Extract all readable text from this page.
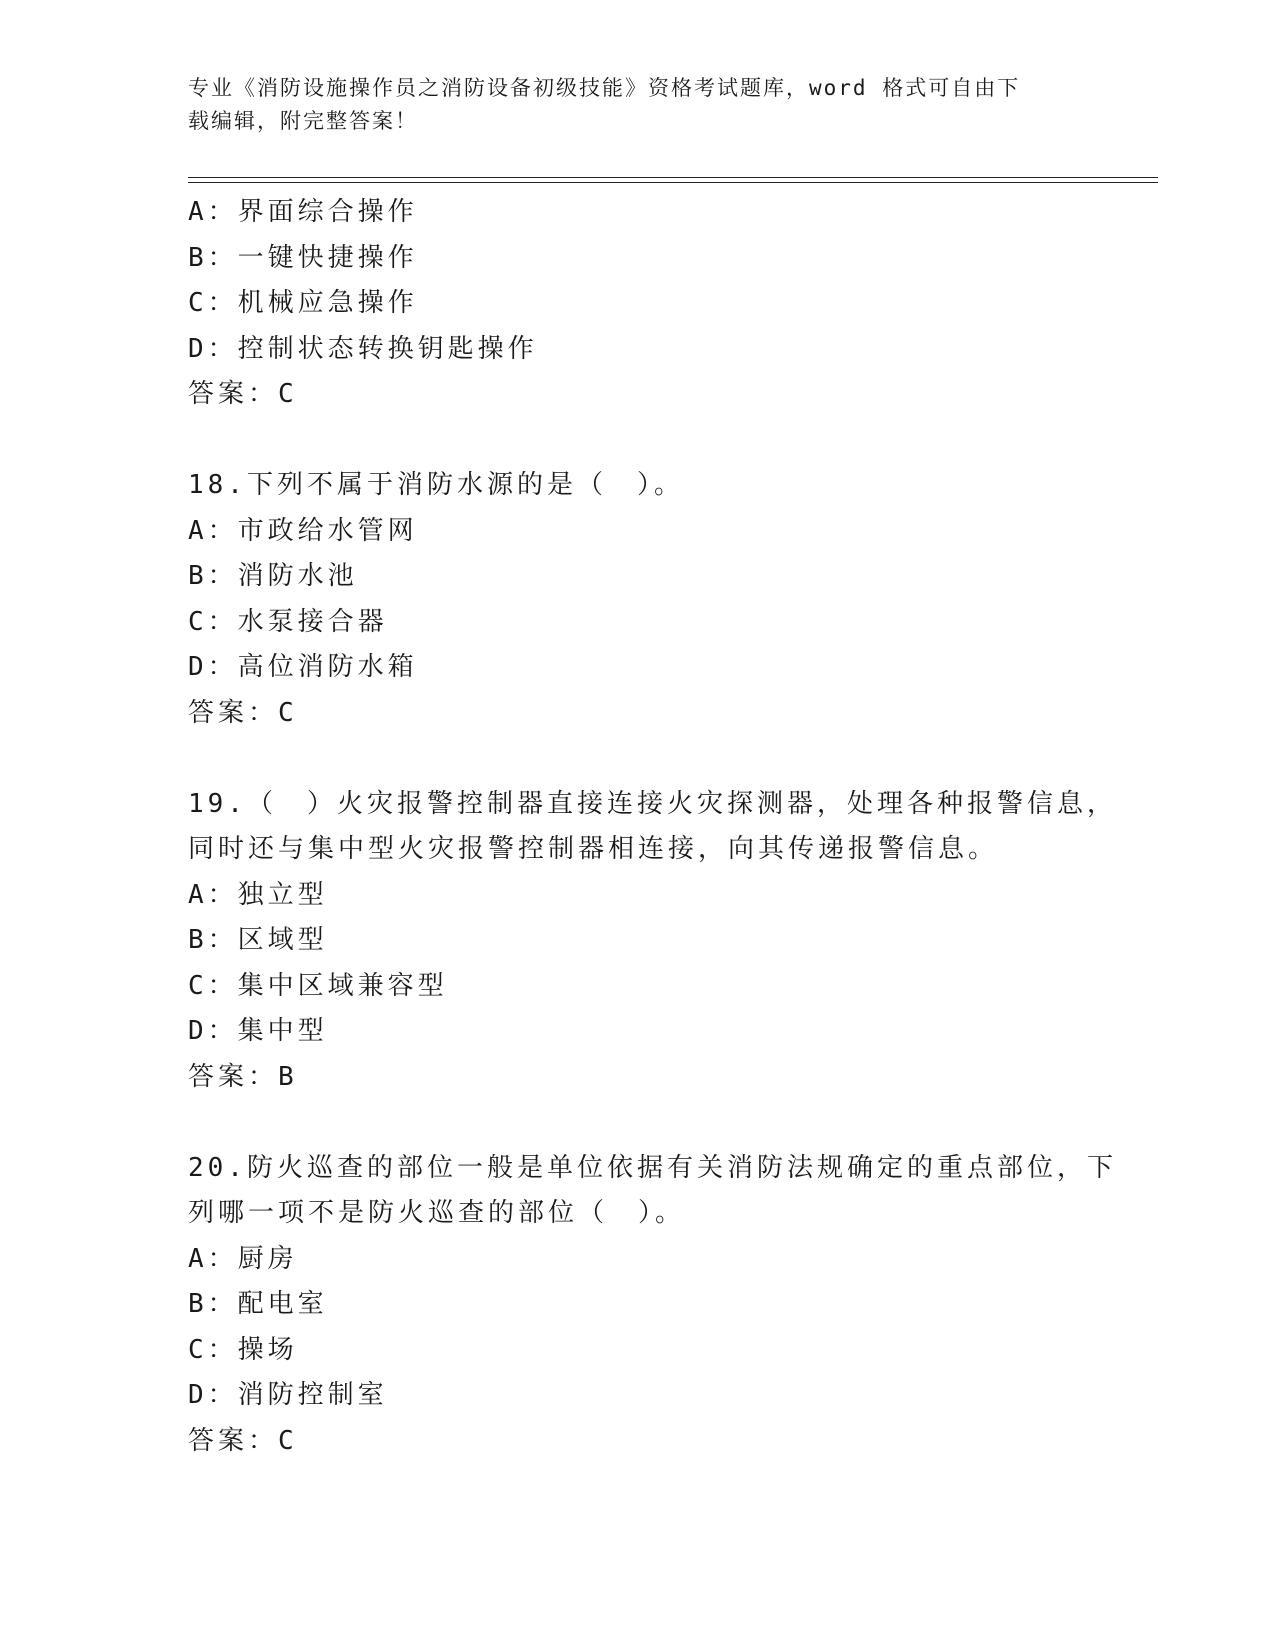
专业《消防设施操作员之消防设备初级技能》资格考试题库，word 格式可自由下
载编辑，附完整答案！
A：界面综合操作
B：一键快捷操作
C：机械应急操作
D：控制状态转换钥匙操作
答案：C
18.下列不属于消防水源的是（　）。
A：市政给水管网
B：消防水池
C：水泵接合器
D：高位消防水箱
答案：C
19.（　）火灾报警控制器直接连接火灾探测器，处理各种报警信息，
同时还与集中型火灾报警控制器相连接，向其传递报警信息。
A：独立型
B：区域型
C：集中区域兼容型
D：集中型
答案：B
20.防火巡查的部位一般是单位依据有关消防法规确定的重点部位，下
列哪一项不是防火巡查的部位（　）。
A：厨房
B：配电室
C：操场
D：消防控制室
答案：C
